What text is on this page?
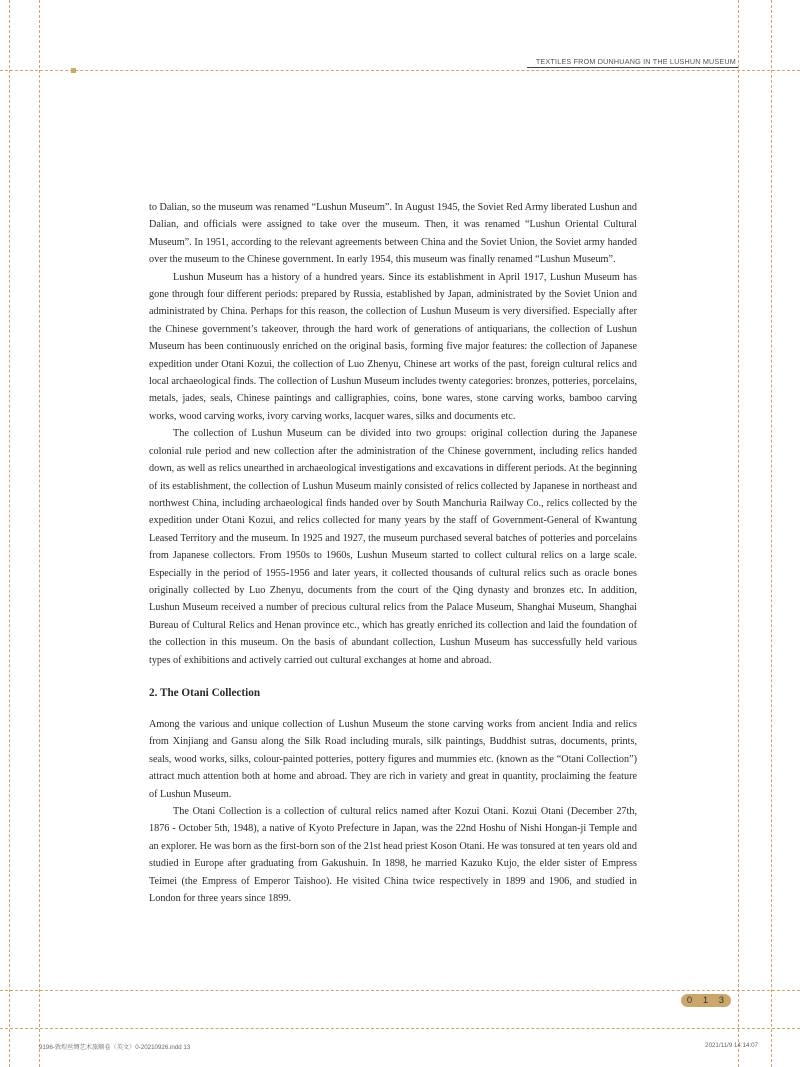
TEXTILES FROM DUNHUANG IN THE LUSHUN MUSEUM

to Dalian, so the museum was renamed “Lushun Museum”. In August 1945, the Soviet Red Army liberated Lushun and Dalian, and officials were assigned to take over the museum. Then, it was renamed “Lushun Oriental Cultural Museum”. In 1951, according to the relevant agreements between China and the Soviet Union, the Soviet army handed over the museum to the Chinese government. In early 1954, this museum was finally renamed “Lushun Museum”.

Lushun Museum has a history of a hundred years. Since its establishment in April 1917, Lushun Museum has gone through four different periods: prepared by Russia, established by Japan, administrated by the Soviet Union and administrated by China. Perhaps for this reason, the collection of Lushun Museum is very diversified. Especially after the Chinese government’s takeover, through the hard work of generations of antiquarians, the collection of Lushun Museum has been continuously enriched on the original basis, forming five major features: the collection of Japanese expedition under Otani Kozui, the collection of Luo Zhenyu, Chinese art works of the past, foreign cultural relics and local archaeological finds. The collection of Lushun Museum includes twenty categories: bronzes, potteries, porcelains, metals, jades, seals, Chinese paintings and calligraphies, coins, bone wares, stone carving works, bamboo carving works, wood carving works, ivory carving works, lacquer wares, silks and documents etc.

The collection of Lushun Museum can be divided into two groups: original collection during the Japanese colonial rule period and new collection after the administration of the Chinese government, including relics handed down, as well as relics unearthed in archaeological investigations and excavations in different periods. At the beginning of its establishment, the collection of Lushun Museum mainly consisted of relics collected by Japanese in northeast and northwest China, including archaeological finds handed over by South Manchuria Railway Co., relics collected by the expedition under Otani Kozui, and relics collected for many years by the staff of Government-General of Kwantung Leased Territory and the museum. In 1925 and 1927, the museum purchased several batches of potteries and porcelains from Japanese collectors. From 1950s to 1960s, Lushun Museum started to collect cultural relics on a large scale. Especially in the period of 1955-1956 and later years, it collected thousands of cultural relics such as oracle bones originally collected by Luo Zhenyu, documents from the court of the Qing dynasty and bronzes etc. In addition, Lushun Museum received a number of precious cultural relics from the Palace Museum, Shanghai Museum, Shanghai Bureau of Cultural Relics and Henan province etc., which has greatly enriched its collection and laid the foundation of the collection in this museum. On the basis of abundant collection, Lushun Museum has successfully held various types of exhibitions and actively carried out cultural exchanges at home and abroad.

2. The Otani Collection

Among the various and unique collection of Lushun Museum the stone carving works from ancient India and relics from Xinjiang and Gansu along the Silk Road including murals, silk paintings, Buddhist sutras, documents, prints, seals, wood works, silks, colour-painted potteries, pottery figures and mummies etc. (known as the “Otani Collection”) attract much attention both at home and abroad. They are rich in variety and great in quantity, proclaiming the feature of Lushun Museum.

The Otani Collection is a collection of cultural relics named after Kozui Otani. Kozui Otani (December 27th, 1876 - October 5th, 1948), a native of Kyoto Prefecture in Japan, was the 22nd Hoshu of Nishi Hongan-ji Temple and an explorer. He was born as the first-born son of the 21st head priest Koson Otani. He was tonsured at ten years old and studied in Europe after graduating from Gakushuin. In 1898, he married Kazuko Kujo, the elder sister of Empress Teimei (the Empress of Emperor Taishoo). He visited China twice respectively in 1899 and 1906, and studied in London for three years since 1899.

0 1 3
9196-敦煌丝绸艺术旅顺卷（英文）0-20210926.indd 13	2021/11/9 14:14:07
